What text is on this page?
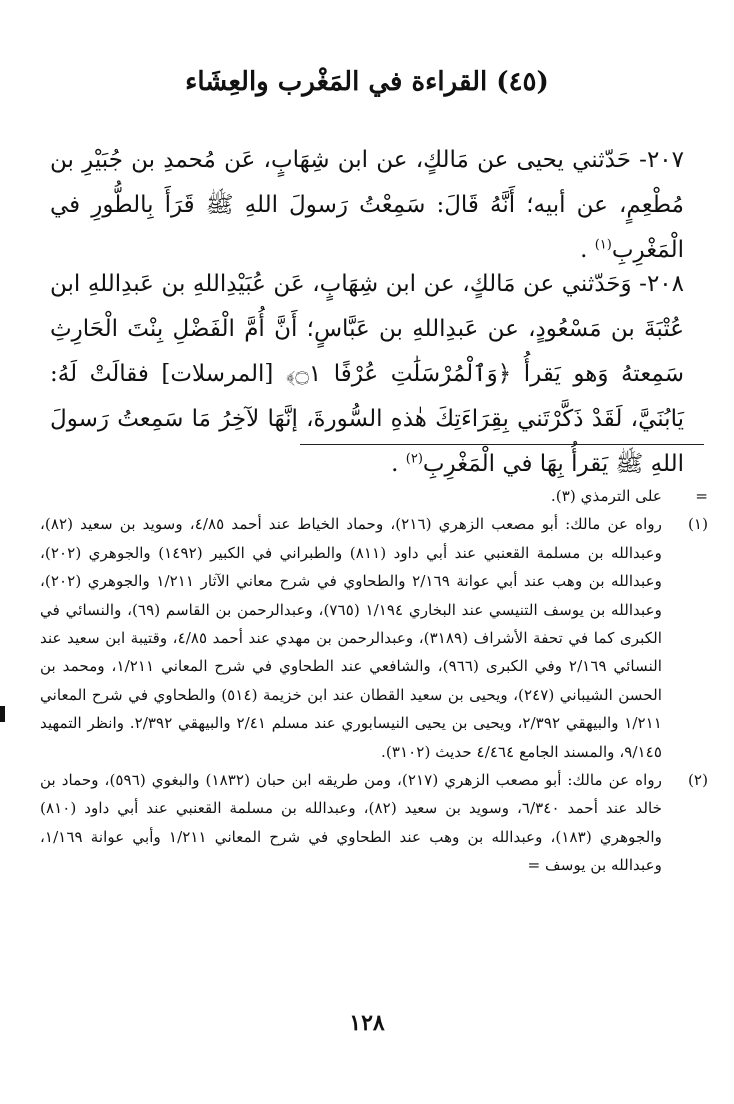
(٤٥) القراءة في المَغْرب والعِشَاء
٢٠٧- حَدّثني يحيى عن مَالكٍ، عن ابن شِهَابٍ، عَن مُحمدِ بن جُبَيْرِ بن مُطْعِمٍ، عن أبيه؛ أَنَّهُ قَالَ: سَمِعْتُ رَسولَ اللهِ ﷺ قَرَأَ بِالطُّورِ في الْمَغْرِبِ$^{(١)}$ .
٢٠٨- وَحَدّثني عن مَالكٍ، عن ابن شِهَابٍ، عَن عُبَيْدِاللهِ بن عَبدِاللهِ ابن عُتْبَةَ بن مَسْعُودٍ، عن عَبدِاللهِ بن عَبَّاسٍ؛ أَنَّ أُمَّ الْفَضْلِ بِنْتَ الْحَارِثِ سَمِعتهُ وَهو يَقرأُ ﴿وَٱلْمُرْسَلَٰتِ عُرْفًا ۝١﴾ [المرسلات] فقالَتْ لَهُ: يَابُنَيَّ، لَقَدْ ذَكَّرْتَني بِقِرَاءَتِكَ هٰذهِ السُّورةَ، إنَّهَا لآخِرُ مَا سَمِعتُ رَسولَ اللهِ ﷺ يَقرأُ بِهَا في الْمَغْرِبِ$^{(٢)}$ .
=
على الترمذي (٣).
(١)
رواه عن مالك: أبو مصعب الزهري (٢١٦)، وحماد الخياط عند أحمد ٤/٨٥، وسويد بن سعيد (٨٢)، وعبدالله بن مسلمة القعنبي عند أبي داود (٨١١) والطبراني في الكبير (١٤٩٢) والجوهري (٢٠٢)، وعبدالله بن وهب عند أبي عوانة ٢/١٦٩ والطحاوي في شرح معاني الآثار ١/٢١١ والجوهري (٢٠٢)، وعبدالله بن يوسف التنيسي عند البخاري ١/١٩٤ (٧٦٥)، وعبدالرحمن بن القاسم (٦٩)، والنسائي في الكبرى كما في تحفة الأشراف (٣١٨٩)، وعبدالرحمن بن مهدي عند أحمد ٤/٨٥، وقتيبة ابن سعيد عند النسائي ٢/١٦٩ وفي الكبرى (٩٦٦)، والشافعي عند الطحاوي في شرح المعاني ١/٢١١، ومحمد بن الحسن الشيباني (٢٤٧)، ويحيى بن سعيد القطان عند ابن خزيمة (٥١٤) والطحاوي في شرح المعاني ١/٢١١ والبيهقي ٢/٣٩٢، ويحيى بن يحيى النيسابوري عند مسلم ٢/٤١ والبيهقي ٢/٣٩٢. وانظر التمهيد ٩/١٤٥، والمسند الجامع ٤/٤٦٤ حديث (٣١٠٢).
(٢)
رواه عن مالك: أبو مصعب الزهري (٢١٧)، ومن طريقه ابن حبان (١٨٣٢) والبغوي (٥٩٦)، وحماد بن خالد عند أحمد ٦/٣٤٠، وسويد بن سعيد (٨٢)، وعبدالله بن مسلمة القعنبي عند أبي داود (٨١٠) والجوهري (١٨٣)، وعبدالله بن وهب عند الطحاوي في شرح المعاني ١/٢١١ وأبي عوانة ١/١٦٩، وعبدالله بن يوسف =
١٢٨
